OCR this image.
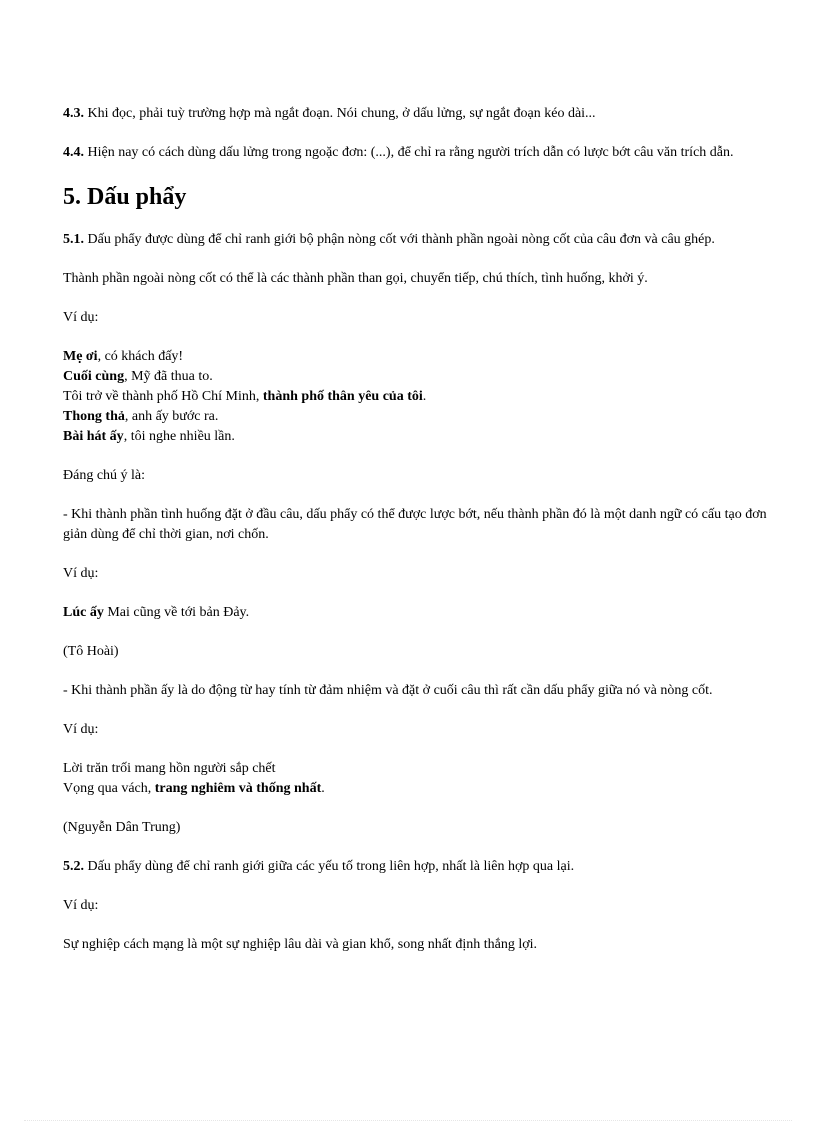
4.3. Khi đọc, phải tuỳ trường hợp mà ngắt đoạn. Nói chung, ở dấu lửng, sự ngắt đoạn kéo dài...

4.4. Hiện nay có cách dùng dấu lửng trong ngoặc đơn: (...), để chỉ ra rằng người trích dẫn có lược bớt câu văn trích dẫn.

5. Dấu phẩy

5.1. Dấu phẩy được dùng để chỉ ranh giới bộ phận nòng cốt với thành phần ngoài nòng cốt của câu đơn và câu ghép.

Thành phần ngoài nòng cốt có thể là các thành phần than gọi, chuyển tiếp, chú thích, tình huống, khởi ý.

Ví dụ:

Mẹ ơi, có khách đấy!
Cuối cùng, Mỹ đã thua to.
Tôi trở về thành phố Hồ Chí Minh, thành phố thân yêu của tôi.
Thong thả, anh ấy bước ra.
Bài hát ấy, tôi nghe nhiều lần.

Đáng chú ý là:

- Khi thành phần tình huống đặt ở đầu câu, dấu phẩy có thể được lược bớt, nếu thành phần đó là một danh ngữ có cấu tạo đơn giản dùng để chỉ thời gian, nơi chốn.

Ví dụ:

Lúc ấy Mai cũng về tới bản Đảy.

(Tô Hoài)

- Khi thành phần ấy là do động từ hay tính từ đảm nhiệm và đặt ở cuối câu thì rất cần dấu phẩy giữa nó và nòng cốt.

Ví dụ:

Lời trăn trối mang hồn người sắp chết
Vọng qua vách, trang nghiêm và thống nhất.

(Nguyễn Dân Trung)

5.2. Dấu phẩy dùng để chỉ ranh giới giữa các yếu tố trong liên hợp, nhất là liên hợp qua lại.

Ví dụ:

Sự nghiệp cách mạng là một sự nghiệp lâu dài và gian khổ, song nhất định thắng lợi.
